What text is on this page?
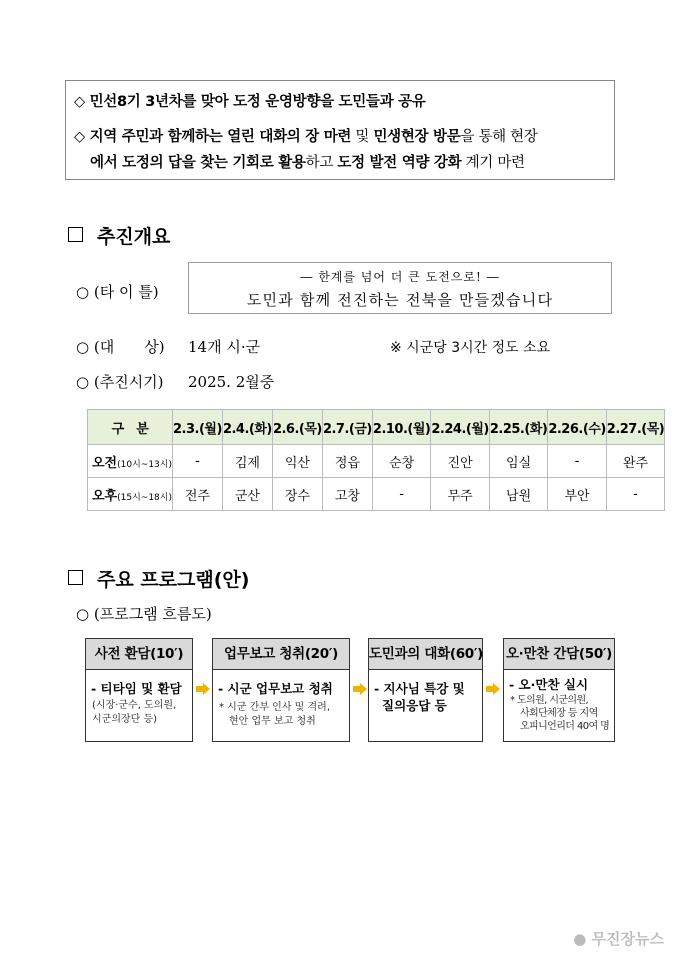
◇ 민선8기 3년차를 맞아 도정 운영방향을 도민들과 공유
◇ 지역 주민과 함께하는 열린 대화의 장 마련 및 민생현장 방문을 통해 현장
에서 도정의 답을 찾는 기회로 활용하고 도정 발전 역량 강화 계기 마련
추진개요
○ (타 이 틀)
― 한계를 넘어 더 큰 도전으로! ―
도민과 함께 전진하는 전북을 만들겠습니다
○ (대　　상) 14개 시·군	※ 시군당 3시간 정도 소요
○ (추진시기) 2025. 2월중
구　분	2.3.(월)	2.4.(화)	2.6.(목)	2.7.(금)	2.10.(월)	2.24.(월)	2.25.(화)	2.26.(수)	2.27.(목)
오전(10시~13시)	-	김제	익산	정읍	순창	진안	임실	-	완주
오후(15시~18시)	전주	군산	장수	고창	-	무주	남원	부안	-
주요 프로그램(안)
○ (프로그램 흐름도)
사전 환담(10′)
- 티타임 및 환담
(시장·군수, 도의원,
시군의장단 등)
업무보고 청취(20′)
- 시군 업무보고 청취
* 시군 간부 인사 및 격려,
현안 업무 보고 청취
도민과의 대화(60′)
- 지사님 특강 및
질의응답 등
오·만찬 간담(50′)
- 오·만찬 실시
* 도의원, 시군의원,
사회단체장 등 지역
오피니언리더 40여 명
● 무진장뉴스
